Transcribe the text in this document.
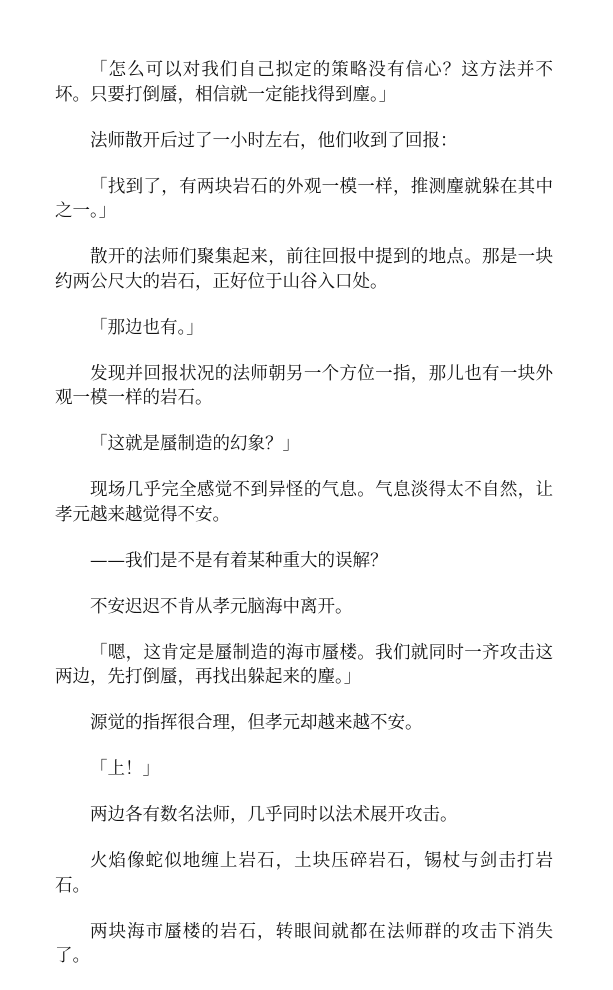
「怎么可以对我们自己拟定的策略没有信心？这方法并不坏。只要打倒蜃，相信就一定能找得到麈。」

法师散开后过了一小时左右，他们收到了回报：

「找到了，有两块岩石的外观一模一样，推测麈就躲在其中之一。」

散开的法师们聚集起来，前往回报中提到的地点。那是一块约两公尺大的岩石，正好位于山谷入口处。

「那边也有。」

发现并回报状况的法师朝另一个方位一指，那儿也有一块外观一模一样的岩石。

「这就是蜃制造的幻象？」

现场几乎完全感觉不到异怪的气息。气息淡得太不自然，让孝元越来越觉得不安。

——我们是不是有着某种重大的误解？

不安迟迟不肯从孝元脑海中离开。

「嗯，这肯定是蜃制造的海市蜃楼。我们就同时一齐攻击这两边，先打倒蜃，再找出躲起来的麈。」

源觉的指挥很合理，但孝元却越来越不安。

「上！」

两边各有数名法师，几乎同时以法术展开攻击。

火焰像蛇似地缠上岩石，土块压碎岩石，锡杖与剑击打岩石。

两块海市蜃楼的岩石，转眼间就都在法师群的攻击下消失了。
